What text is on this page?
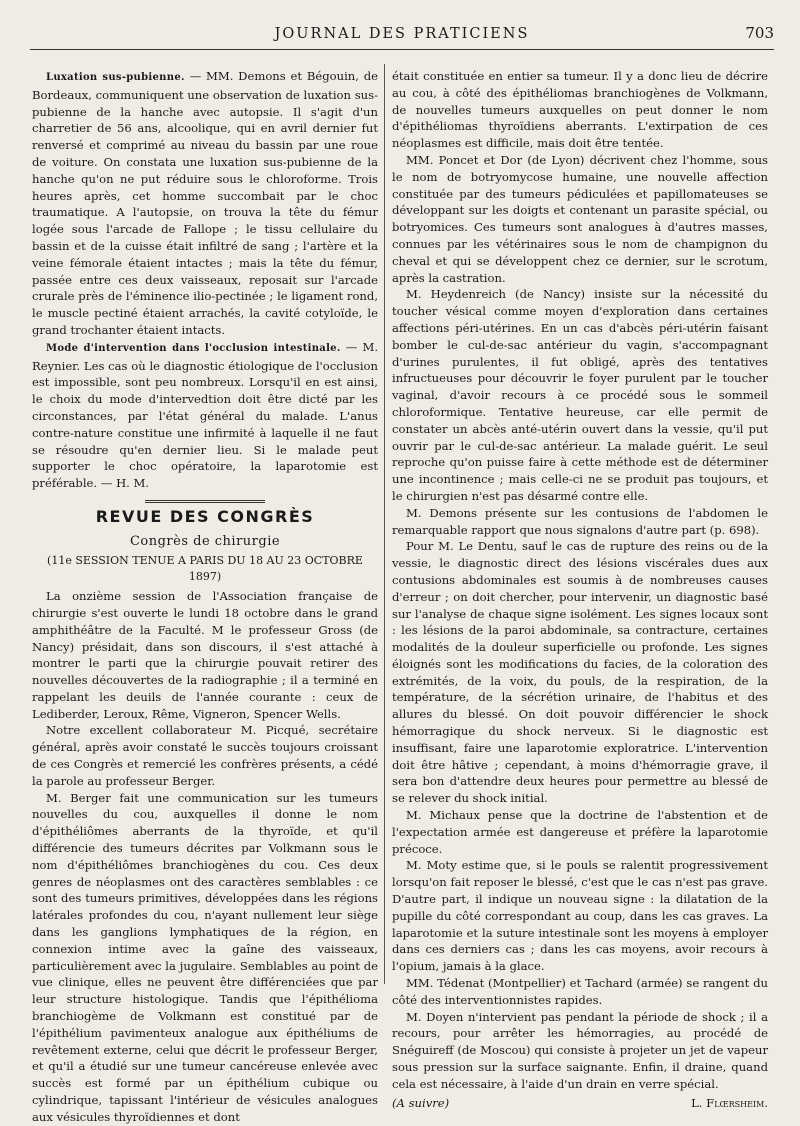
JOURNAL DES PRATICIENS	703

Luxation sus-pubienne. — MM. Demons et Bégouin, de Bordeaux, communiquent une observation de luxation sus-pubienne de la hanche avec autopsie. Il s'agit d'un charretier de 56 ans, alcoolique, qui en avril dernier fut renversé et comprimé au niveau du bassin par une roue de voiture. On constata une luxation sus-pubienne de la hanche qu'on ne put réduire sous le chloroforme. Trois heures après, cet homme succombait par le choc traumatique. A l'autopsie, on trouva la tête du fémur logée sous l'arcade de Fallope ; le tissu cellulaire du bassin et de la cuisse était infiltré de sang ; l'artère et la veine fémorale étaient intactes ; mais la tête du fémur, passée entre ces deux vaisseaux, reposait sur l'arcade crurale près de l'éminence ilio-pectinée ; le ligament rond, le muscle pectiné étaient arrachés, la cavité cotyloïde, le grand trochanter étaient intacts.

Mode d'intervention dans l'occlusion intestinale. — M. Reynier. Les cas où le diagnostic étiologique de l'occlusion est impossible, sont peu nombreux. Lorsqu'il en est ainsi, le choix du mode d'intervedtion doit être dicté par les circonstances, par l'état général du malade. L'anus contre-nature constitue une infirmité à laquelle il ne faut se résoudre qu'en dernier lieu. Si le malade peut supporter le choc opératoire, la laparotomie est préférable. — H. M.

REVUE DES CONGRÈS
Congrès de chirurgie
(11e SESSION TENUE A PARIS DU 18 AU 23 OCTOBRE 1897)

La onzième session de l'Association française de chirurgie s'est ouverte le lundi 18 octobre dans le grand amphithéâtre de la Faculté. M le professeur Gross (de Nancy) présidait, dans son discours, il s'est attaché à montrer le parti que la chirurgie pouvait retirer des nouvelles découvertes de la radiographie ; il a terminé en rappelant les deuils de l'année courante : ceux de Lediberder, Leroux, Rême, Vigneron, Spencer Wells.

Notre excellent collaborateur M. Picqué, secrétaire général, après avoir constaté le succès toujours croissant de ces Congrès et remercié les confrères présents, a cédé la parole au professeur Berger.

M. Berger fait une communication sur les tumeurs nouvelles du cou, auxquelles il donne le nom d'épithéliômes aberrants de la thyroïde, et qu'il différencie des tumeurs décrites par Volkmann sous le nom d'épithéliômes branchiogènes du cou. Ces deux genres de néoplasmes ont des caractères semblables : ce sont des tumeurs primitives, développées dans les régions latérales profondes du cou, n'ayant nullement leur siège dans les ganglions lymphatiques de la région, en connexion intime avec la gaîne des vaisseaux, particulièrement avec la jugulaire. Semblables au point de vue clinique, elles ne peuvent être différenciées que par leur structure histologique. Tandis que l'épithélioma branchiogème de Volkmann est constitué par de l'épithélium pavimenteux analogue aux épithéliums de revêtement externe, celui que décrit le professeur Berger, et qu'il a étudié sur une tumeur cancéreuse enlevée avec succès est formé par un épithélium cubique ou cylindrique, tapissant l'intérieur de vésicules analogues aux vésicules thyroïdiennes et dont

était constituée en entier sa tumeur. Il y a donc lieu de décrire au cou, à côté des épithéliomas branchiogènes de Volkmann, de nouvelles tumeurs auxquelles on peut donner le nom d'épithéliomas thyroïdiens aberrants. L'extirpation de ces néoplasmes est difficile, mais doit être tentée.

MM. Poncet et Dor (de Lyon) décrivent chez l'homme, sous le nom de botryomycose humaine, une nouvelle affection constituée par des tumeurs pédiculées et papillomateuses se développant sur les doigts et contenant un parasite spécial, ou botryomices. Ces tumeurs sont analogues à d'autres masses, connues par les vétérinaires sous le nom de champignon du cheval et qui se développent chez ce dernier, sur le scrotum, après la castration.

M. Heydenreich (de Nancy) insiste sur la nécessité du toucher vésical comme moyen d'exploration dans certaines affections péri-utérines. En un cas d'abcès péri-utérin faisant bomber le cul-de-sac antérieur du vagin, s'accompagnant d'urines purulentes, il fut obligé, après des tentatives infructueuses pour découvrir le foyer purulent par le toucher vaginal, d'avoir recours à ce procédé sous le sommeil chloroformique. Tentative heureuse, car elle permit de constater un abcès anté-utérin ouvert dans la vessie, qu'il put ouvrir par le cul-de-sac antérieur. La malade guérit. Le seul reproche qu'on puisse faire à cette méthode est de déterminer une incontinence ; mais celle-ci ne se produit pas toujours, et le chirurgien n'est pas désarmé contre elle.

M. Demons présente sur les contusions de l'abdomen le remarquable rapport que nous signalons d'autre part (p. 698).

Pour M. Le Dentu, sauf le cas de rupture des reins ou de la vessie, le diagnostic direct des lésions viscérales dues aux contusions abdominales est soumis à de nombreuses causes d'erreur ; on doit chercher, pour intervenir, un diagnostic basé sur l'analyse de chaque signe isolément. Les signes locaux sont : les lésions de la paroi abdominale, sa contracture, certaines modalités de la douleur superficielle ou profonde. Les signes éloignés sont les modifications du facies, de la coloration des extrémités, de la voix, du pouls, de la respiration, de la température, de la sécrétion urinaire, de l'habitus et des allures du blessé. On doit pouvoir différencier le shock hémorragique du shock nerveux. Si le diagnostic est insuffisant, faire une laparotomie exploratrice. L'intervention doit être hâtive ; cependant, à moins d'hémorragie grave, il sera bon d'attendre deux heures pour permettre au blessé de se relever du shock initial.

M. Michaux pense que la doctrine de l'abstention et de l'expectation armée est dangereuse et préfère la laparotomie précoce.

M. Moty estime que, si le pouls se ralentit progressivement lorsqu'on fait reposer le blessé, c'est que le cas n'est pas grave. D'autre part, il indique un nouveau signe : la dilatation de la pupille du côté correspondant au coup, dans les cas graves. La laparotomie et la suture intestinale sont les moyens à employer dans ces derniers cas ; dans les cas moyens, avoir recours à l'opium, jamais à la glace.

MM. Tédenat (Montpellier) et Tachard (armée) se rangent du côté des interventionnistes rapides.

M. Doyen n'intervient pas pendant la période de shock ; il a recours, pour arrêter les hémorragies, au procédé de Snéguireff (de Moscou) qui consiste à projeter un jet de vapeur sous pression sur la surface saignante. Enfin, il draine, quand cela est nécessaire, à l'aide d'un drain en verre spécial.

(A suivre)	L. Flœrsheim.
